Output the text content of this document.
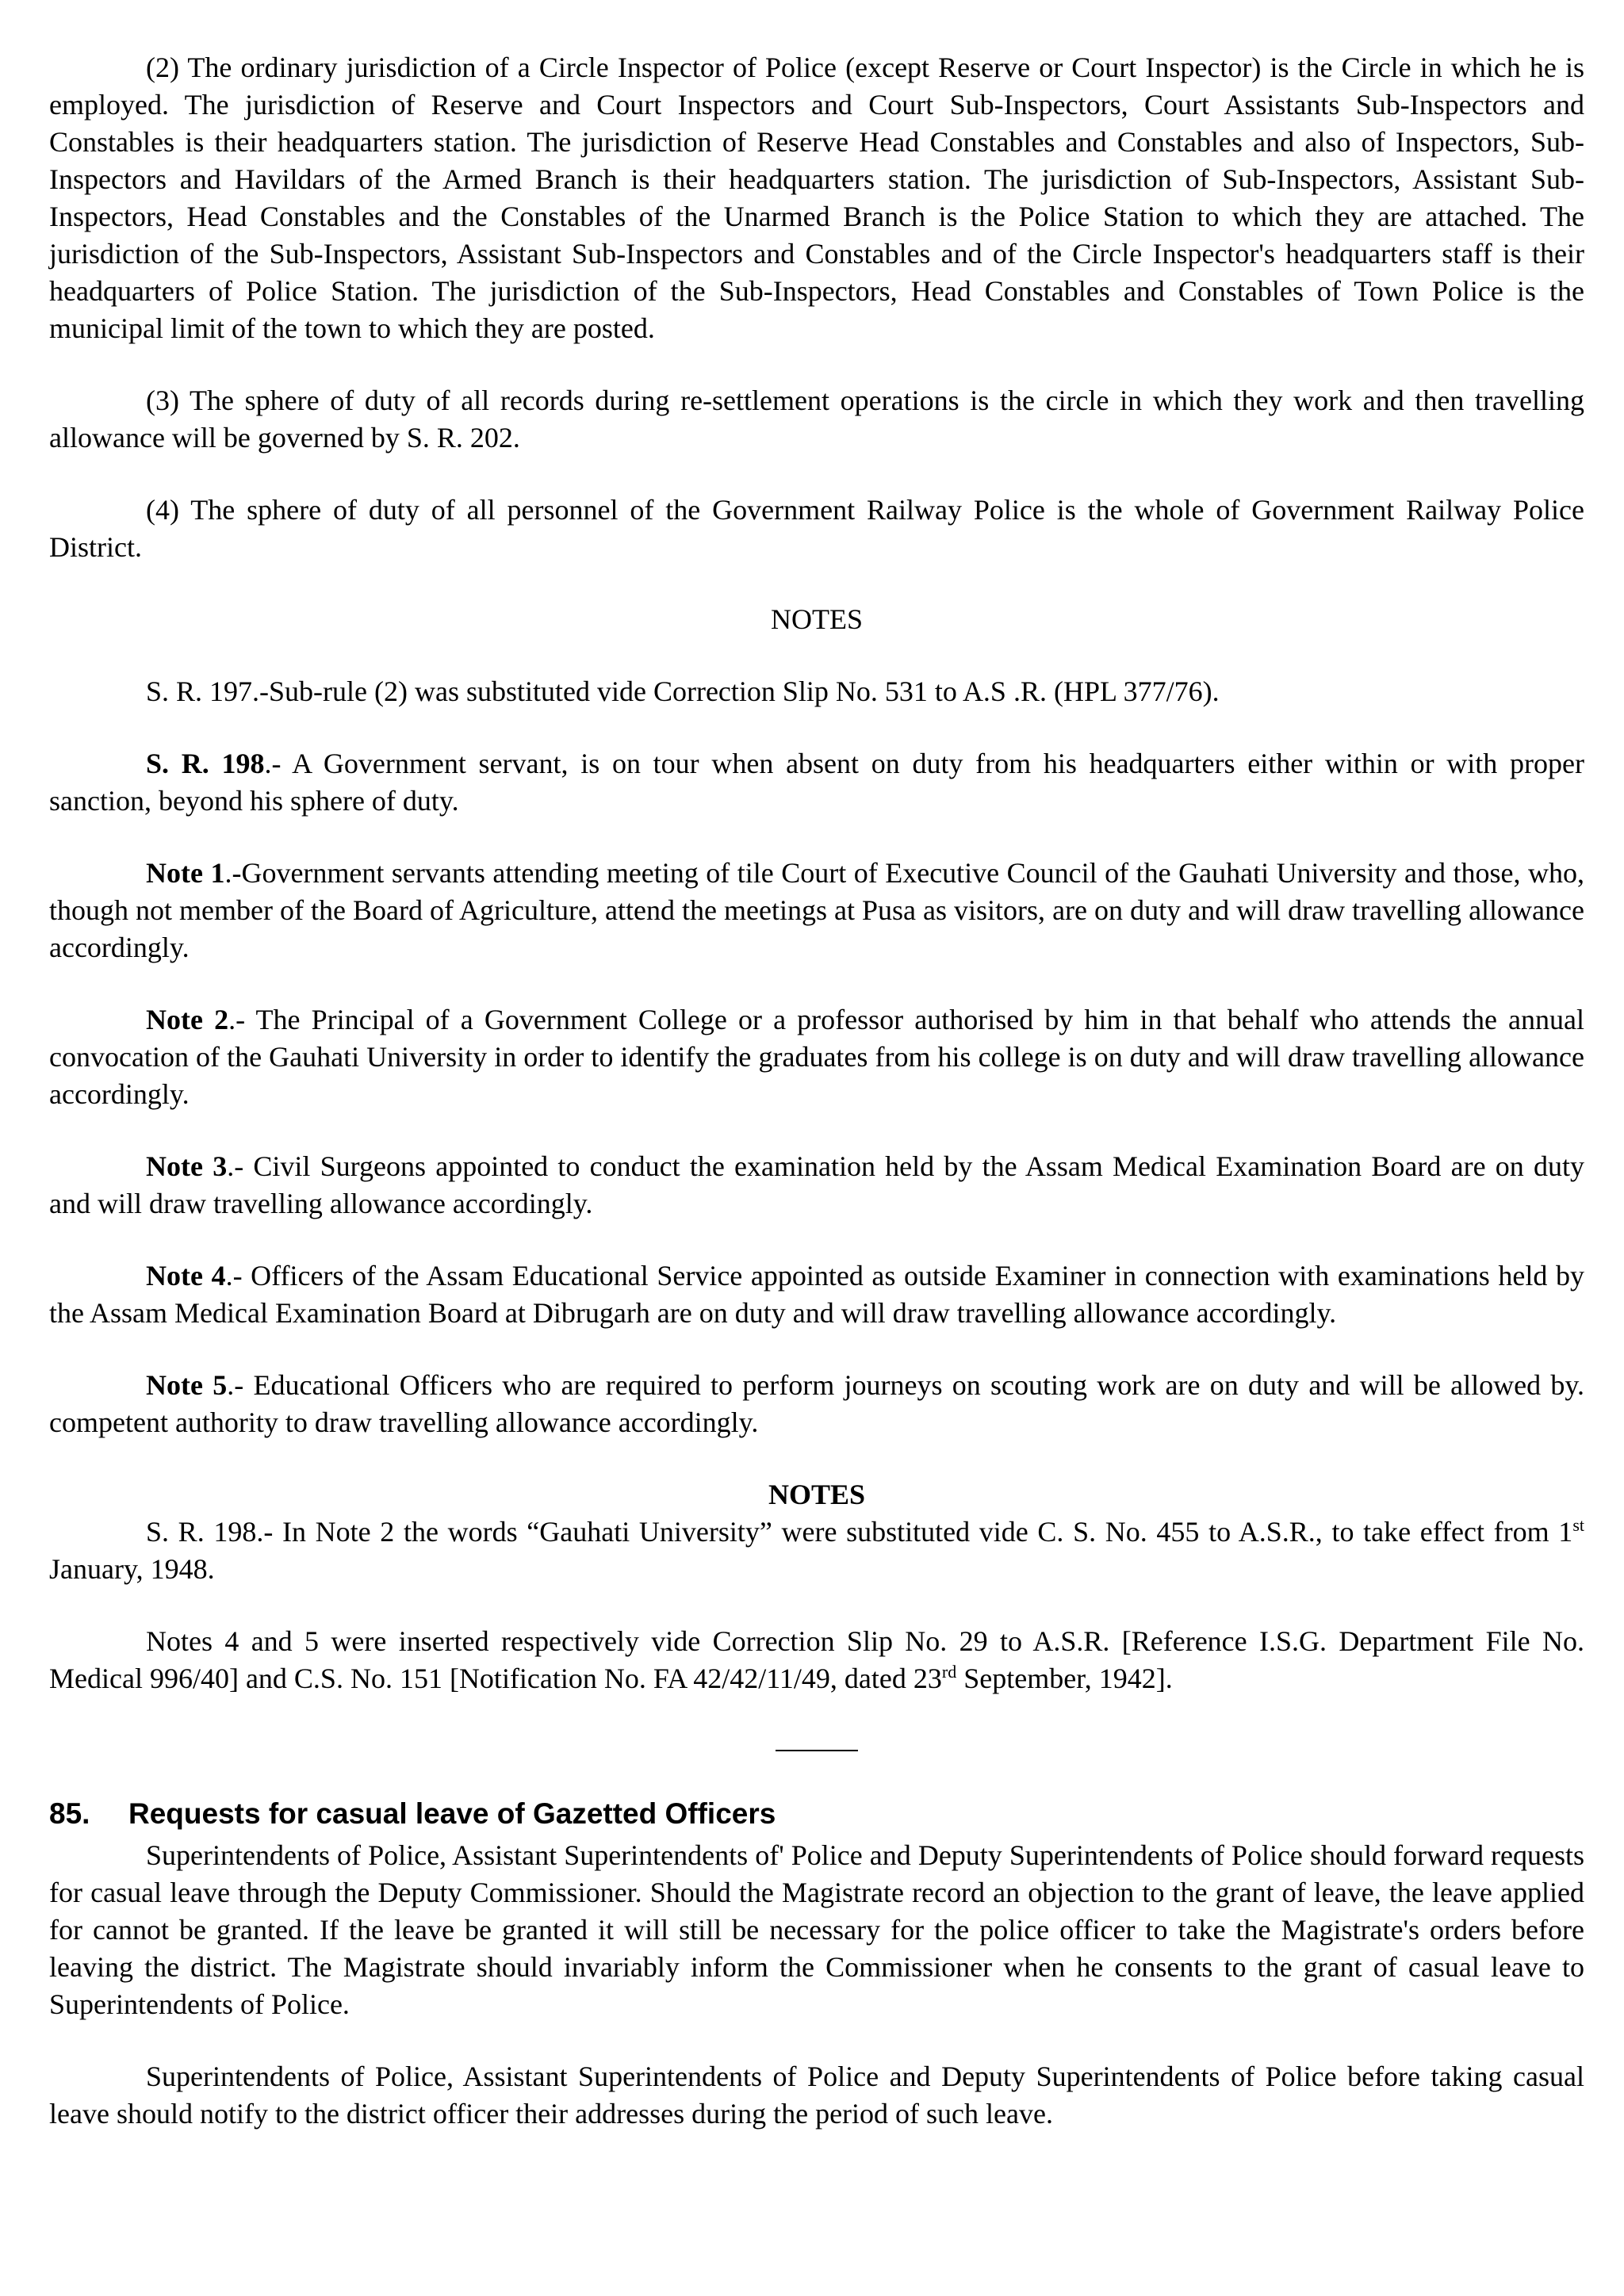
(2) The ordinary jurisdiction of a Circle Inspector of Police (except Reserve or Court Inspector) is the Circle in which he is employed. The jurisdiction of Reserve and Court Inspectors and Court Sub-Inspectors, Court Assistants Sub-Inspectors and Constables is their headquarters station. The jurisdiction of Reserve Head Constables and Constables and also of Inspectors, Sub-Inspectors and Havildars of the Armed Branch is their headquarters station. The jurisdiction of Sub-Inspectors, Assistant Sub-Inspectors, Head Constables and the Constables of the Unarmed Branch is the Police Station to which they are attached. The jurisdiction of the Sub-Inspectors, Assistant Sub-Inspectors and Constables and of the Circle Inspector's headquarters staff is their headquarters of Police Station. The jurisdiction of the Sub-Inspectors, Head Constables and Constables of Town Police is the municipal limit of the town to which they are posted.

(3) The sphere of duty of all records during re-settlement operations is the circle in which they work and then travelling allowance will be governed by S. R. 202.

(4) The sphere of duty of all personnel of the Government Railway Police is the whole of Government Railway Police District.

NOTES

S. R. 197.-Sub-rule (2) was substituted vide Correction Slip No. 531 to A.S .R. (HPL 377/76).

S. R. 198.- A Government servant, is on tour when absent on duty from his headquarters either within or with proper sanction, beyond his sphere of duty.

Note 1.-Government servants attending meeting of tile Court of Executive Council of the Gauhati University and those, who, though not member of the Board of Agriculture, attend the meetings at Pusa as visitors, are on duty and will draw travelling allowance accordingly.

Note 2.- The Principal of a Government College or a professor authorised by him in that behalf who attends the annual convocation of the Gauhati University in order to identify the graduates from his college is on duty and will draw travelling allowance accordingly.

Note 3.- Civil Surgeons appointed to conduct the examination held by the Assam Medical Examination Board are on duty and will draw travelling allowance accordingly.

Note 4.- Officers of the Assam Educational Service appointed as outside Examiner in connection with examinations held by the Assam Medical Examination Board at Dibrugarh are on duty and will draw travelling allowance accordingly.

Note 5.- Educational Officers who are required to perform journeys on scouting work are on duty and will be allowed by. competent authority to draw travelling allowance accordingly.

NOTES

S. R. 198.- In Note 2 the words “Gauhati University” were substituted vide C. S. No. 455 to A.S.R., to take effect from 1st January, 1948.

Notes 4 and 5 were inserted respectively vide Correction Slip No. 29 to A.S.R. [Reference I.S.G. Department File No. Medical 996/40] and C.S. No. 151 [Notification No. FA 42/42/11/49, dated 23rd September, 1942].

85. Requests for casual leave of Gazetted Officers

Superintendents of Police, Assistant Superintendents of' Police and Deputy Superintendents of Police should forward requests for casual leave through the Deputy Commissioner. Should the Magistrate record an objection to the grant of leave, the leave applied for cannot be granted. If the leave be granted it will still be necessary for the police officer to take the Magistrate's orders before leaving the district. The Magistrate should invariably inform the Commissioner when he consents to the grant of casual leave to Superintendents of Police.

Superintendents of Police, Assistant Superintendents of Police and Deputy Superintendents of Police before taking casual leave should notify to the district officer their addresses during the period of such leave.
